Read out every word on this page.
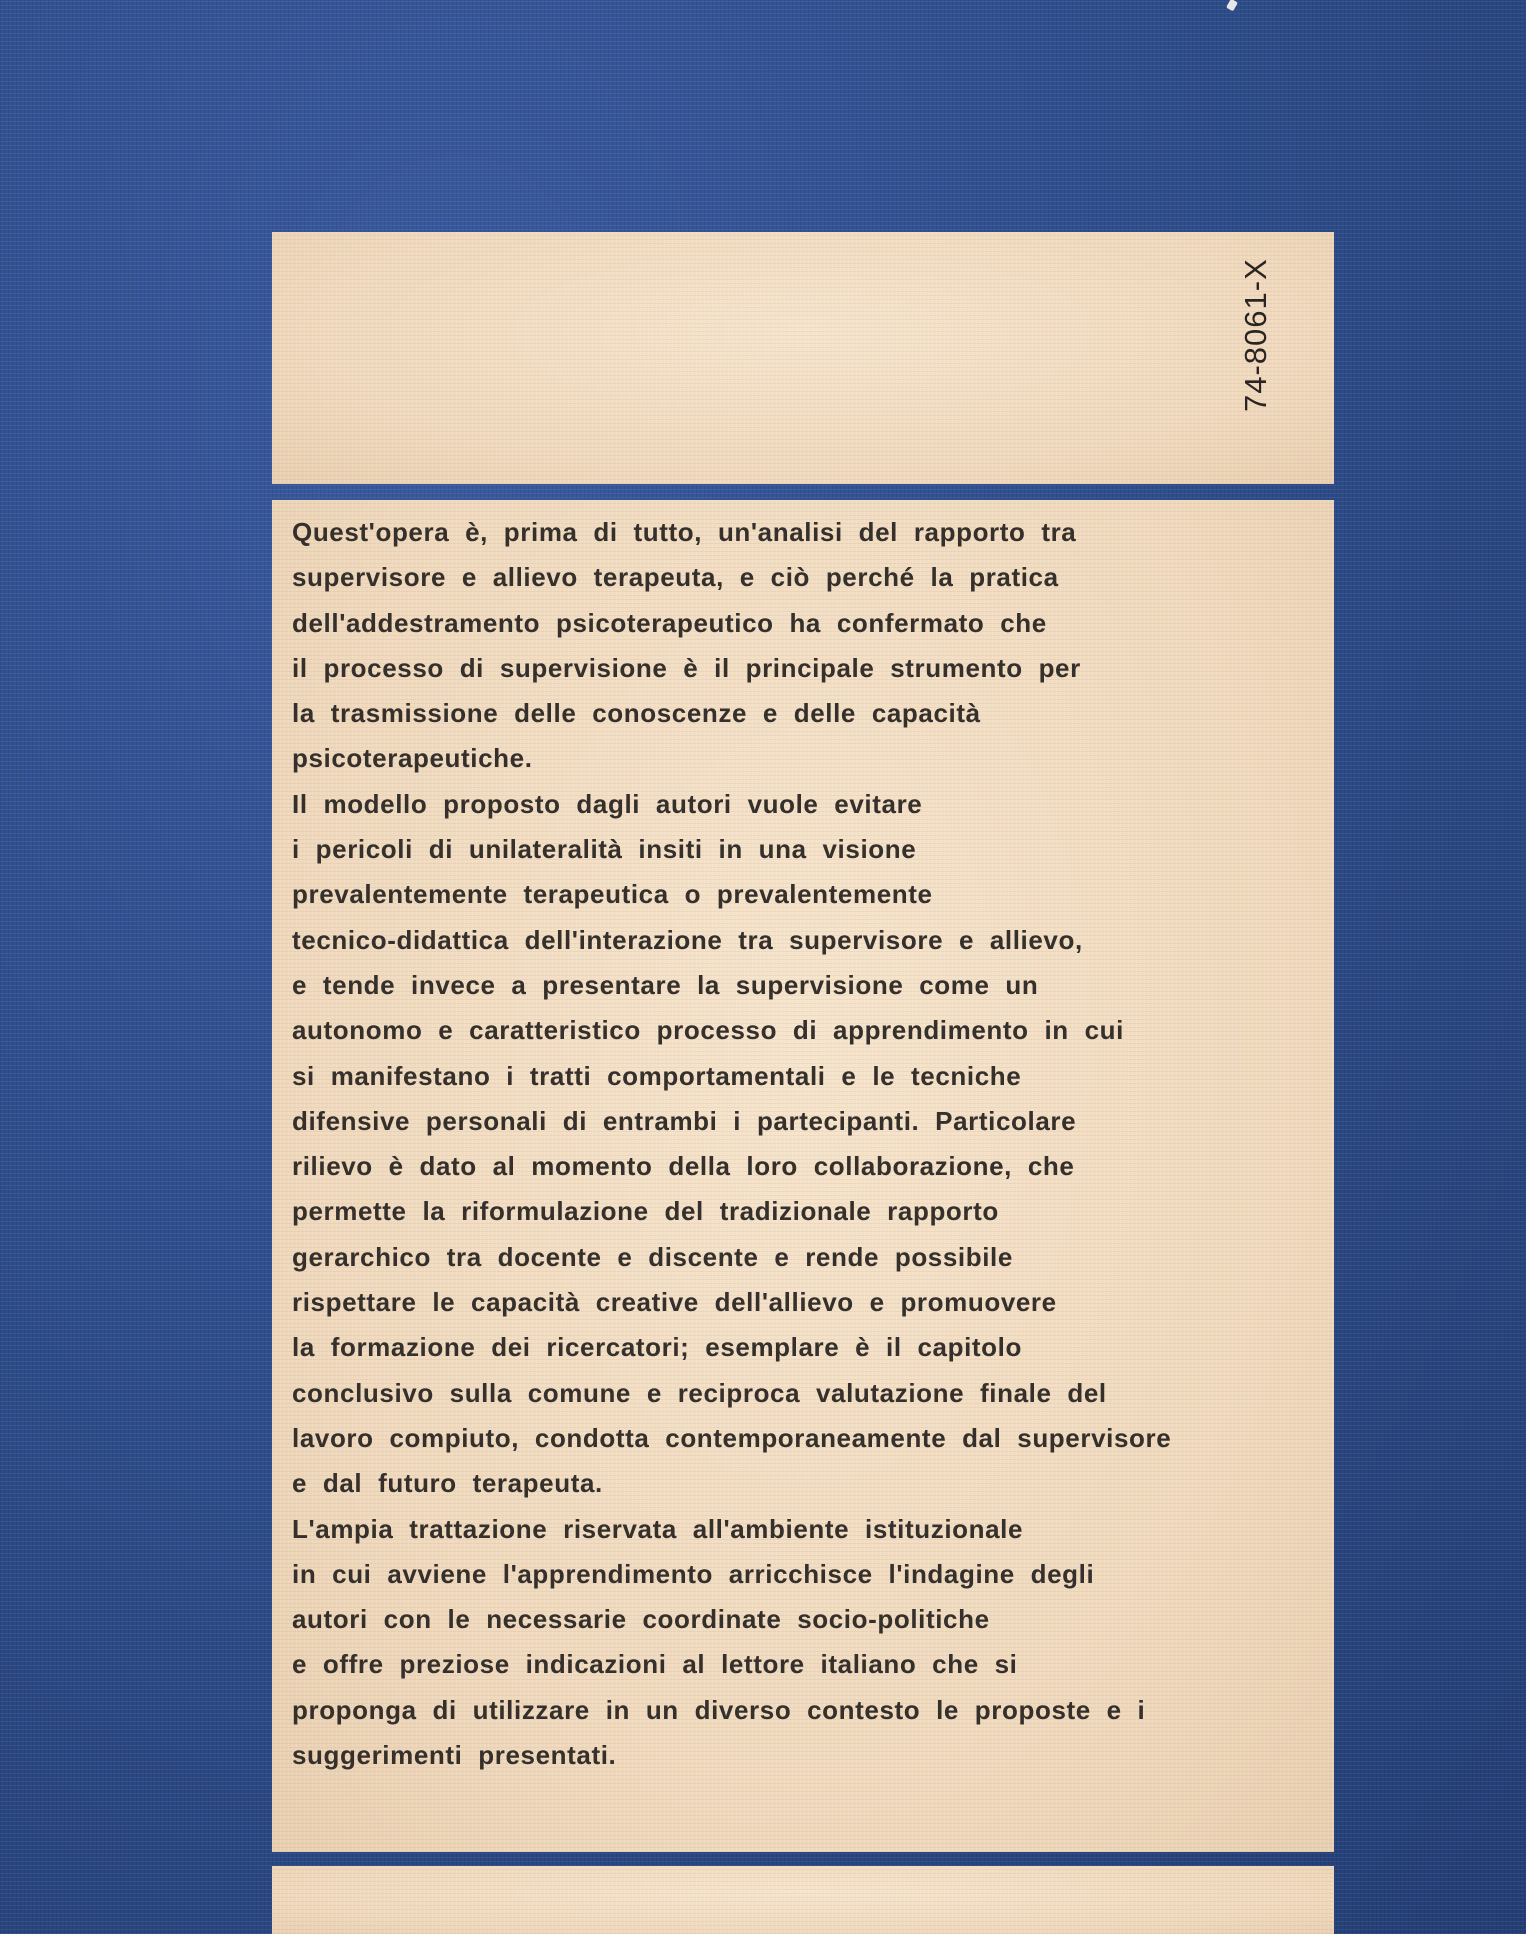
74-8061-X
Quest'opera è, prima di tutto, un'analisi del rapporto tra
supervisore e allievo terapeuta, e ciò perché la pratica
dell'addestramento psicoterapeutico ha confermato che
il processo di supervisione è il principale strumento per
la trasmissione delle conoscenze e delle capacità
psicoterapeutiche.
Il modello proposto dagli autori vuole evitare
i pericoli di unilateralità insiti in una visione
prevalentemente terapeutica o prevalentemente
tecnico-didattica dell'interazione tra supervisore e allievo,
e tende invece a presentare la supervisione come un
autonomo e caratteristico processo di apprendimento in cui
si manifestano i tratti comportamentali e le tecniche
difensive personali di entrambi i partecipanti. Particolare
rilievo è dato al momento della loro collaborazione, che
permette la riformulazione del tradizionale rapporto
gerarchico tra docente e discente e rende possibile
rispettare le capacità creative dell'allievo e promuovere
la formazione dei ricercatori; esemplare è il capitolo
conclusivo sulla comune e reciproca valutazione finale del
lavoro compiuto, condotta contemporaneamente dal supervisore
e dal futuro terapeuta.
L'ampia trattazione riservata all'ambiente istituzionale
in cui avviene l'apprendimento arricchisce l'indagine degli
autori con le necessarie coordinate socio-politiche
e offre preziose indicazioni al lettore italiano che si
proponga di utilizzare in un diverso contesto le proposte e i
suggerimenti presentati.
